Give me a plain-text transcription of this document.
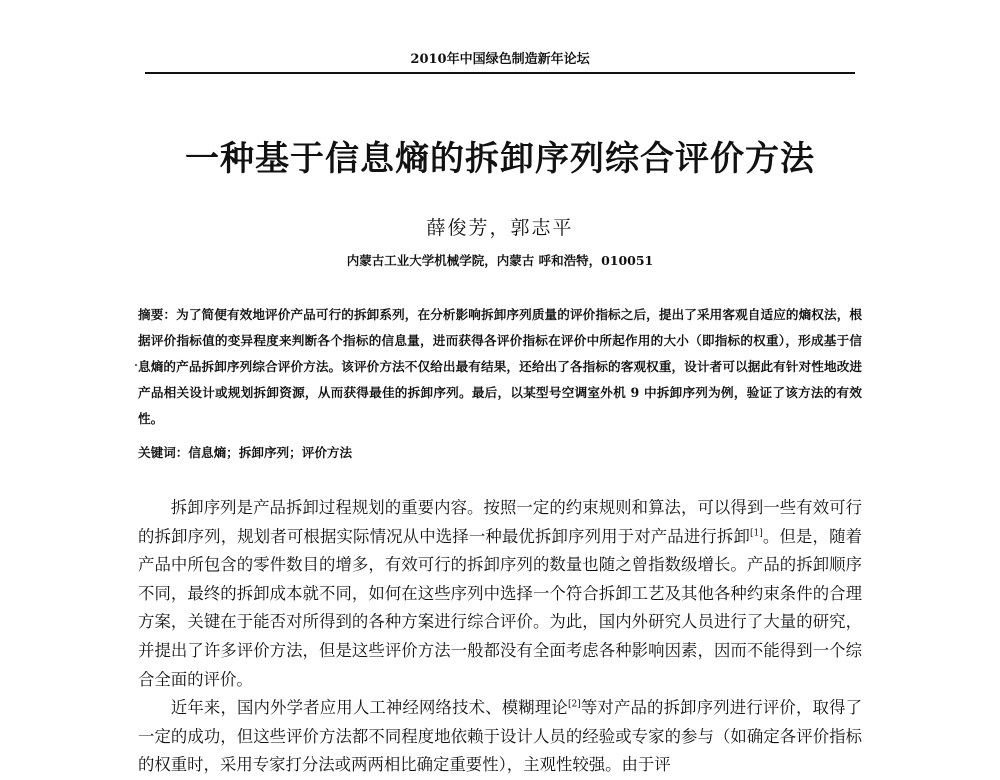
2010年中国绿色制造新年论坛
一种基于信息熵的拆卸序列综合评价方法
薛俊芳，郭志平
内蒙古工业大学机械学院，内蒙古 呼和浩特，010051
摘要：为了简便有效地评价产品可行的拆卸系列，在分析影响拆卸序列质量的评价指标之后，提出了采用客观自适应的熵权法，根据评价指标值的变异程度来判断各个指标的信息量，进而获得各评价指标在评价中所起作用的大小（即指标的权重），形成基于信息熵的产品拆卸序列综合评价方法。该评价方法不仅给出最有结果，还给出了各指标的客观权重，设计者可以据此有针对性地改进产品相关设计或规划拆卸资源，从而获得最佳的拆卸序列。最后，以某型号空调室外机 9 中拆卸序列为例，验证了该方法的有效性。
关键词：信息熵；拆卸序列；评价方法

拆卸序列是产品拆卸过程规划的重要内容。按照一定的约束规则和算法，可以得到一些有效可行的拆卸序列，规划者可根据实际情况从中选择一种最优拆卸序列用于对产品进行拆卸[1]。但是，随着产品中所包含的零件数目的增多，有效可行的拆卸序列的数量也随之曾指数级增长。产品的拆卸顺序不同，最终的拆卸成本就不同，如何在这些序列中选择一个符合拆卸工艺及其他各种约束条件的合理方案，关键在于能否对所得到的各种方案进行综合评价。为此，国内外研究人员进行了大量的研究，并提出了许多评价方法，但是这些评价方法一般都没有全面考虑各种影响因素，因而不能得到一个综合全面的评价。

近年来，国内外学者应用人工神经网络技术、模糊理论[2]等对产品的拆卸序列进行评价，取得了一定的成功，但这些评价方法都不同程度地依赖于设计人员的经验或专家的参与（如确定各评价指标的权重时，采用专家打分法或两两相比确定重要性），主观性较强。由于评
